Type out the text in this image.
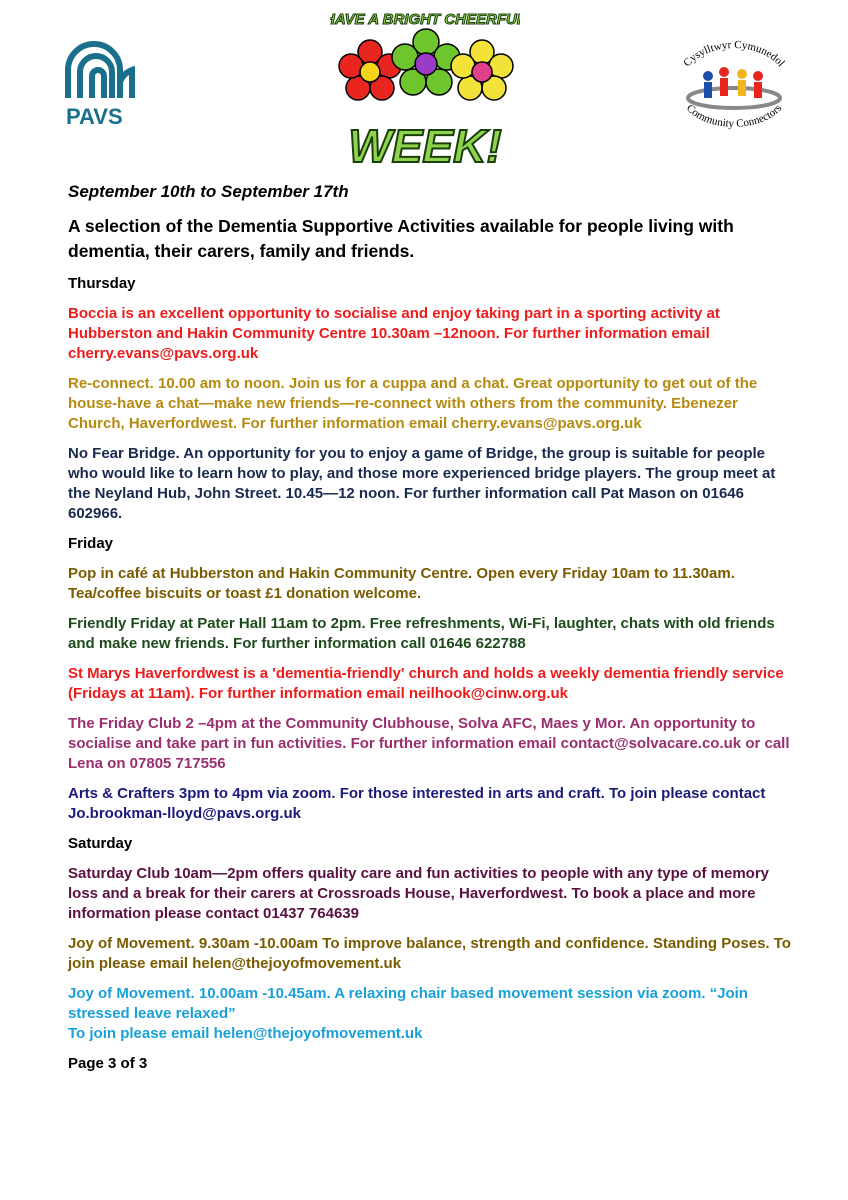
PAVS
HAVE A BRIGHT CHEERFUL
WEEK!
Cysylltwyr Cymunedol
Community Connectors

September 10th to September 17th

A selection of the Dementia Supportive Activities available for people living with dementia, their carers, family and friends.

Thursday

Boccia is an excellent opportunity to socialise and enjoy taking part in a sporting activity at Hubberston and Hakin Community Centre 10.30am –12noon. For further information email cherry.evans@pavs.org.uk

Re-connect. 10.00 am to noon. Join us for a cuppa and a chat. Great opportunity to get out of the house-have a chat—make new friends—re-connect with others from the community. Ebenezer Church, Haverfordwest. For further information email cherry.evans@pavs.org.uk

No Fear Bridge. An opportunity for you to enjoy a game of Bridge, the group is suitable for people who would like to learn how to play, and those more experienced bridge players. The group meet at the Neyland Hub, John Street. 10.45—12 noon. For further information call Pat Mason on 01646 602966.

Friday

Pop in café at Hubberston and Hakin Community Centre. Open every Friday 10am to 11.30am. Tea/coffee biscuits or toast £1 donation welcome.

Friendly Friday at Pater Hall 11am to 2pm. Free refreshments, Wi-Fi, laughter, chats with old friends and make new friends. For further information call 01646 622788

St Marys Haverfordwest is a 'dementia-friendly' church and holds a weekly dementia friendly service (Fridays at 11am). For further information email neilhook@cinw.org.uk

The Friday Club 2 –4pm at the Community Clubhouse, Solva AFC, Maes y Mor. An opportunity to socialise and take part in fun activities. For further information email contact@solvacare.co.uk or call Lena on 07805 717556

Arts & Crafters 3pm to 4pm via zoom. For those interested in arts and craft. To join please contact Jo.brookman-lloyd@pavs.org.uk

Saturday

Saturday Club 10am—2pm offers quality care and fun activities to people with any type of memory loss and a break for their carers at Crossroads House, Haverfordwest. To book a place and more information please contact 01437 764639

Joy of Movement. 9.30am -10.00am To improve balance, strength and confidence. Standing Poses. To join please email helen@thejoyofmovement.uk

Joy of Movement. 10.00am -10.45am. A relaxing chair based movement session via zoom. “Join stressed leave relaxed”
To join please email helen@thejoyofmovement.uk

Page 3 of 3
